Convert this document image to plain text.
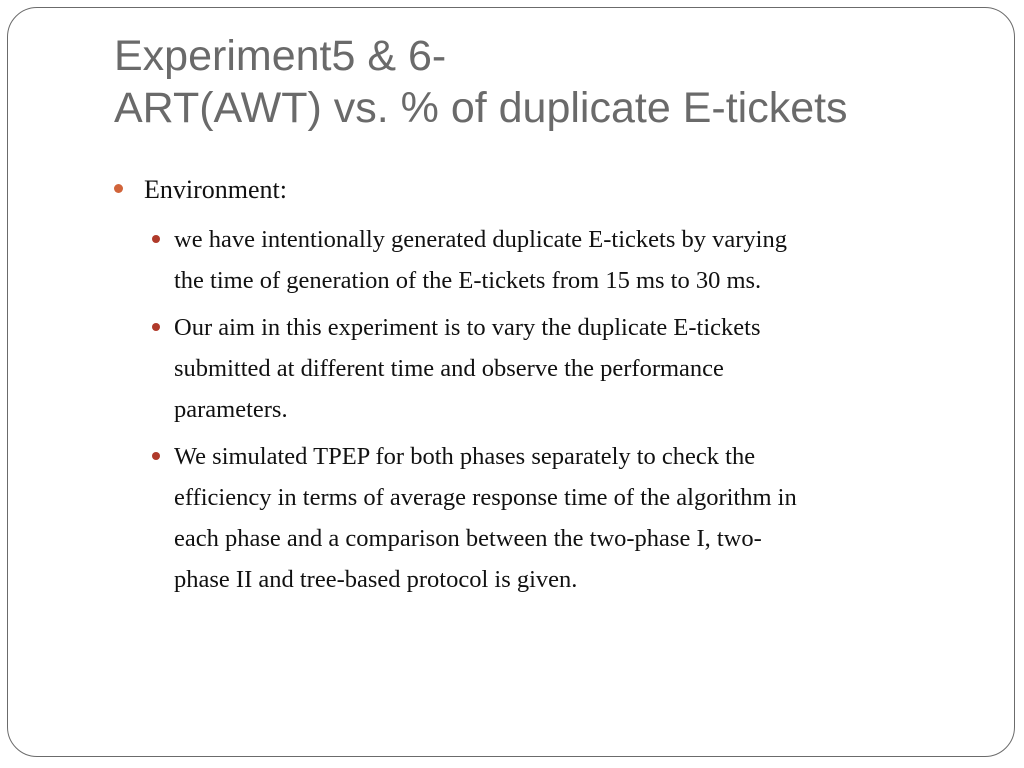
Experiment5 & 6-
ART(AWT) vs. % of duplicate E-tickets
Environment:
we have intentionally generated duplicate E-tickets by varying
the time of generation of the E-tickets from 15 ms to 30 ms.
Our aim in this experiment is to vary the duplicate E-tickets
submitted at different time and observe the performance
parameters.
We simulated TPEP for both phases separately to check the
efficiency in terms of average response time of the algorithm in
each phase and a comparison between the two-phase I, two-
phase II and tree-based protocol is given.
